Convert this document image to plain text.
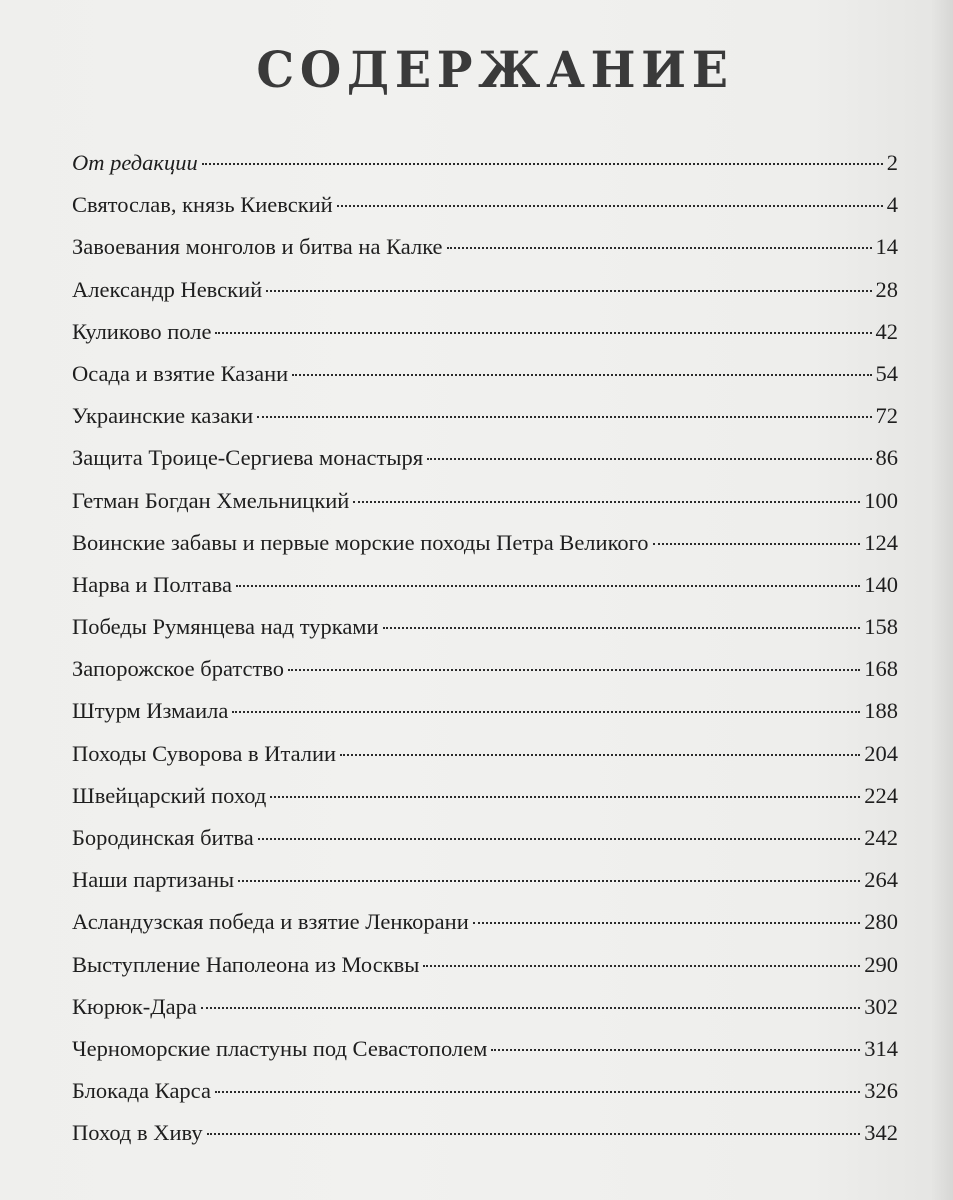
СОДЕРЖАНИЕ
От редакции	2
Святослав, князь Киевский	4
Завоевания монголов и битва на Калке	14
Александр Невский	28
Куликово поле	42
Осада и взятие Казани	54
Украинские казаки	72
Защита Троице-Сергиева монастыря	86
Гетман Богдан Хмельницкий	100
Воинские забавы и первые морские походы Петра Великого	124
Нарва и Полтава	140
Победы Румянцева над турками	158
Запорожское братство	168
Штурм Измаила	188
Походы Суворова в Италии	204
Швейцарский поход	224
Бородинская битва	242
Наши партизаны	264
Асландузская победа и взятие Ленкорани	280
Выступление Наполеона из Москвы	290
Кюрюк-Дара	302
Черноморские пластуны под Севастополем	314
Блокада Карса	326
Поход в Хиву	342
